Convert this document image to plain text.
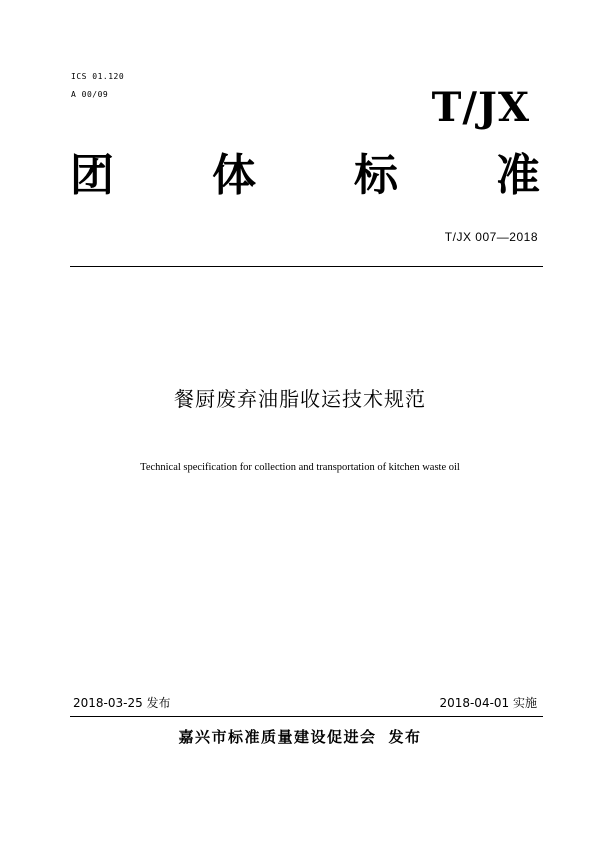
ICS 01.120
A 00/09	T/JX
团 体 标 准
T/JX 007—2018
餐厨废弃油脂收运技术规范
Technical specification for collection and transportation of kitchen waste oil
2018-03-25 发布	2018-04-01 实施
嘉兴市标准质量建设促进会 发布
